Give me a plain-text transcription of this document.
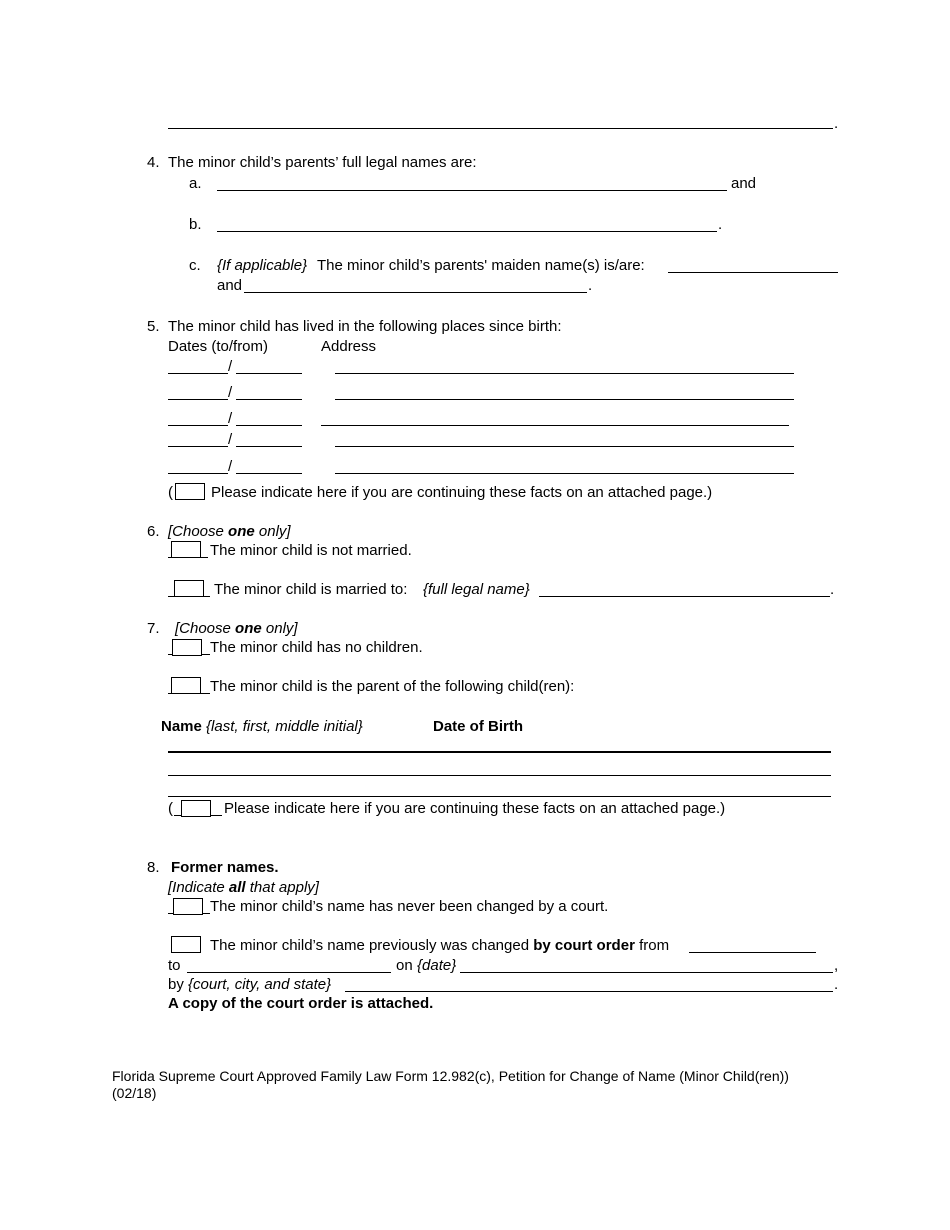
.
4. The minor child’s parents’ full legal names are:
a.	and
b.	.
c. {If applicable} The minor child’s parents' maiden name(s) is/are:
and	.
5. The minor child has lived in the following places since birth:
Dates (to/from)	Address
/
/
/
/
/
(	Please indicate here if you are continuing these facts on an attached page.)
6. [Choose one only]
The minor child is not married.
The minor child is married to: {full legal name}	.
7. [Choose one only]
The minor child has no children.
The minor child is the parent of the following child(ren):
Name {last, first, middle initial}	Date of Birth
(	Please indicate here if you are continuing these facts on an attached page.)
8. Former names.
[Indicate all that apply]
The minor child’s name has never been changed by a court.
The minor child’s name previously was changed by court order from
to	on {date}	,
by {court, city, and state}	.
A copy of the court order is attached.
Florida Supreme Court Approved Family Law Form 12.982(c), Petition for Change of Name (Minor Child(ren))
(02/18)
